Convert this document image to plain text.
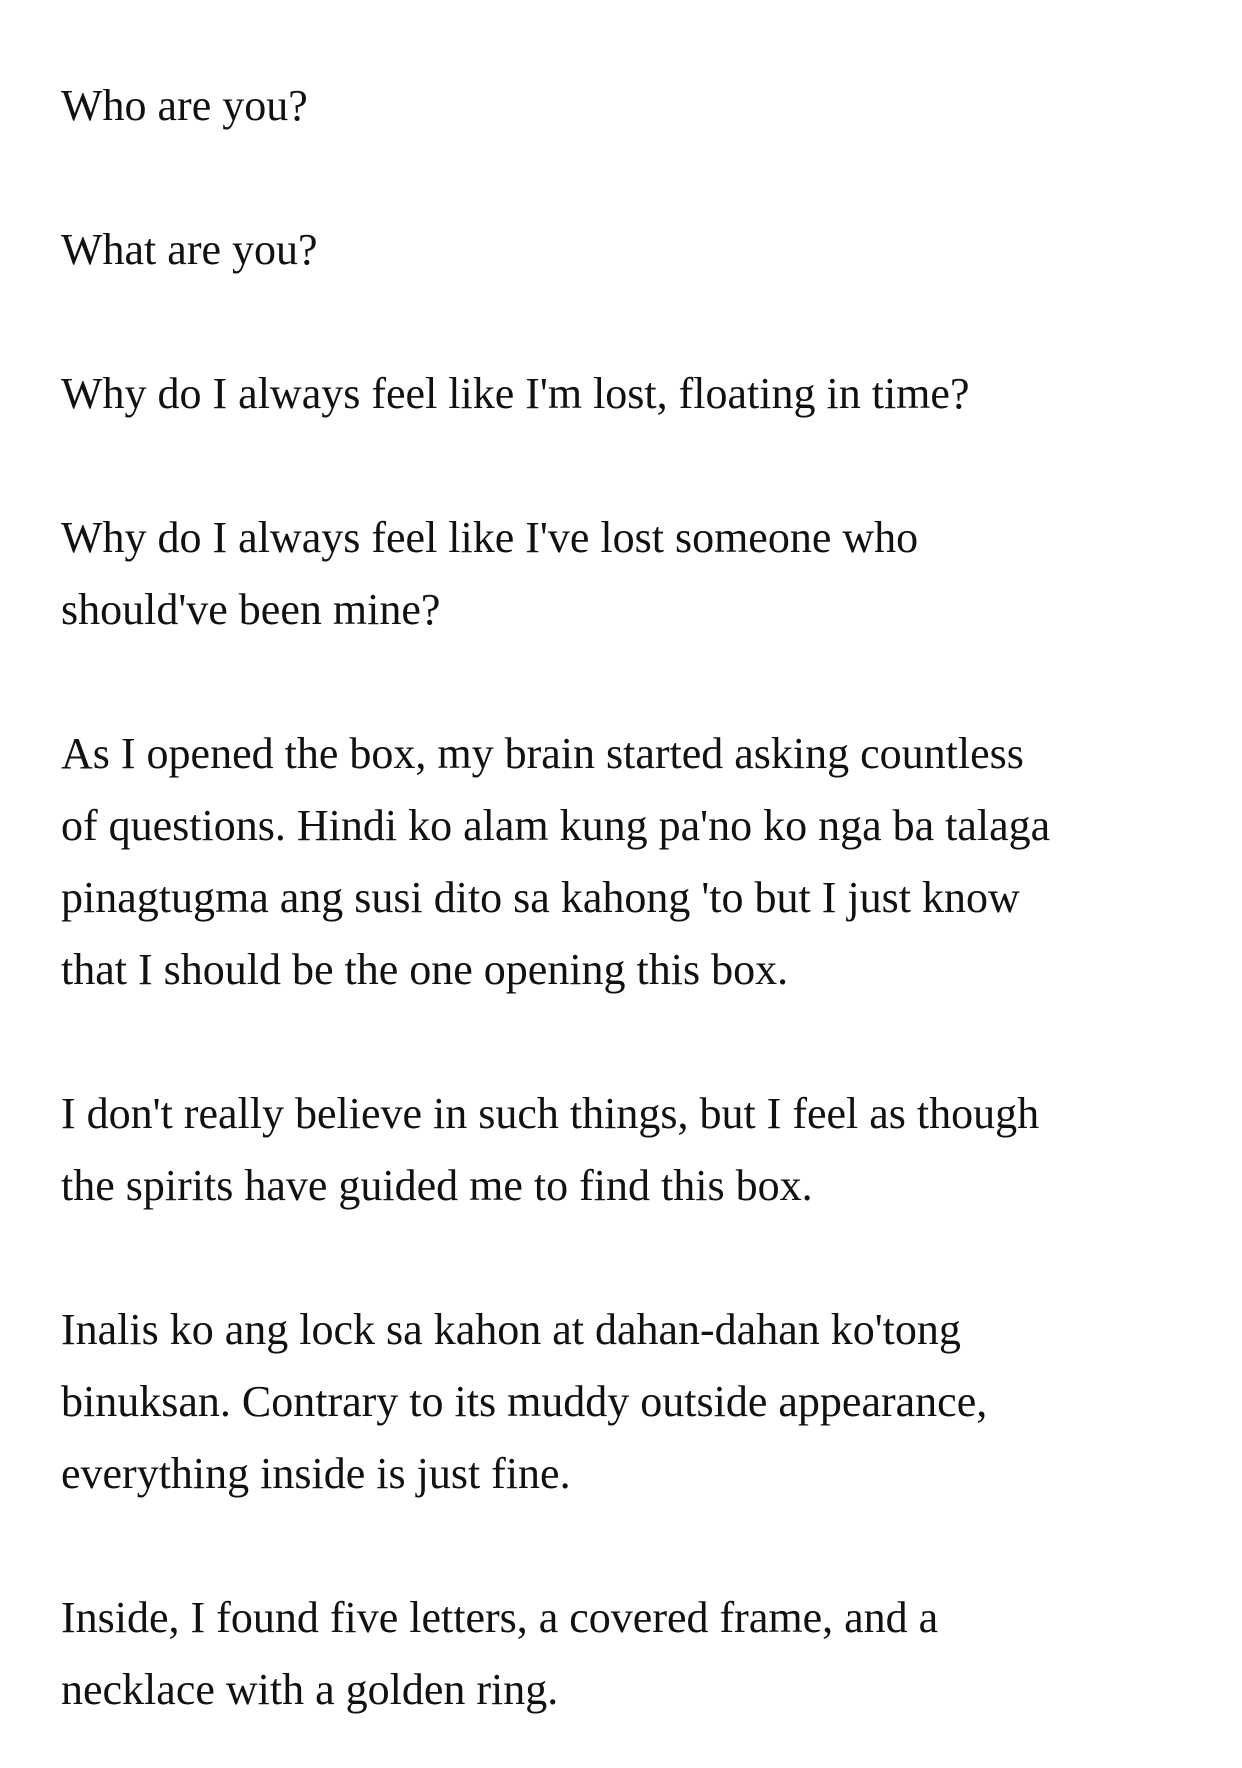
Who are you?

What are you?

Why do I always feel like I'm lost, floating in time?

Why do I always feel like I've lost someone who
should've been mine?

As I opened the box, my brain started asking countless
of questions. Hindi ko alam kung pa'no ko nga ba talaga
pinagtugma ang susi dito sa kahong 'to but I just know
that I should be the one opening this box.

I don't really believe in such things, but I feel as though
the spirits have guided me to find this box.

Inalis ko ang lock sa kahon at dahan-dahan ko'tong
binuksan. Contrary to its muddy outside appearance,
everything inside is just fine.

Inside, I found five letters, a covered frame, and a
necklace with a golden ring.
